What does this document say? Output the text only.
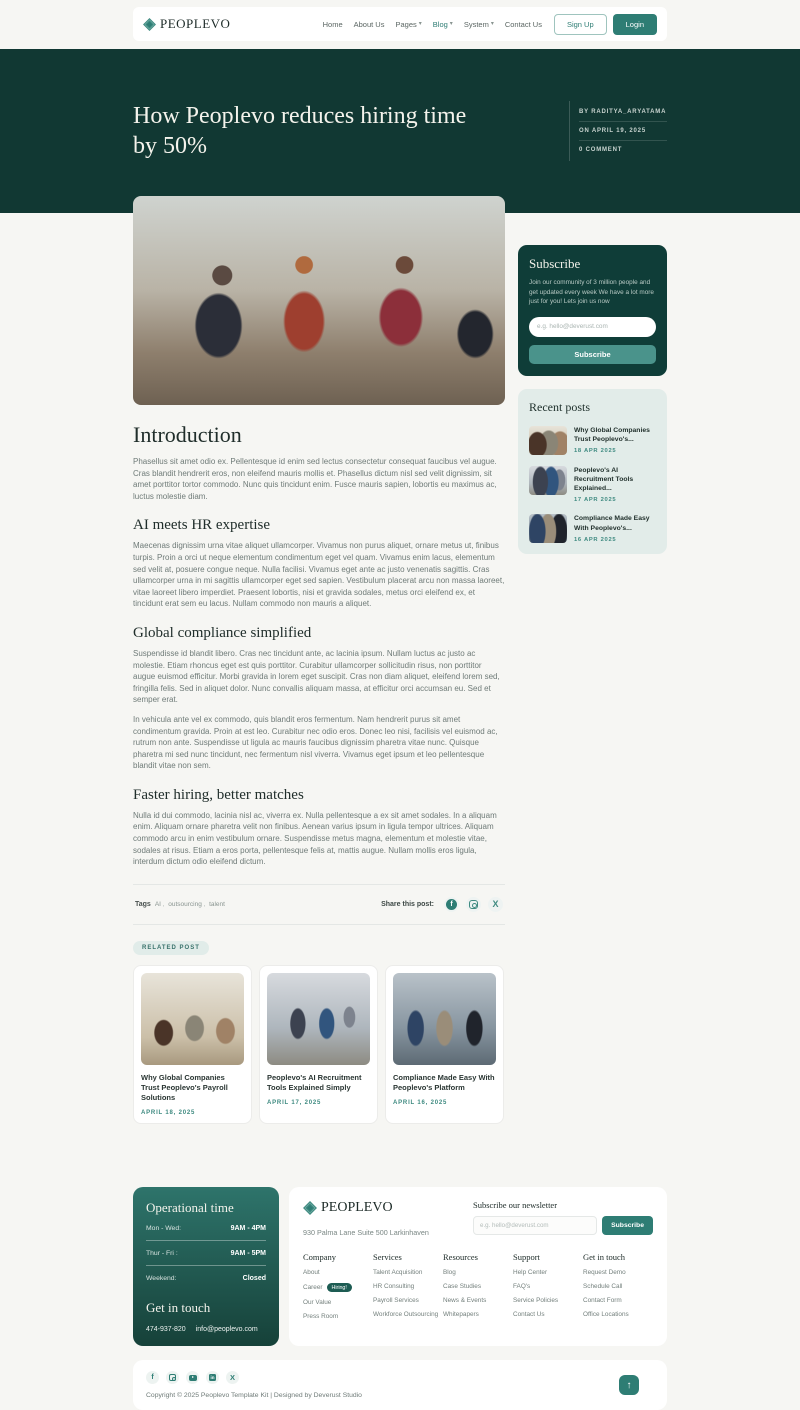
PEOPLEVO	Home About Us Pages ▾ Blog ▾ System ▾ Contact Us	Sign Up	Login
How Peoplevo reduces hiring time by 50%
BY RADITYA_ARYATAMA
ON APRIL 19, 2025
0 COMMENT
Introduction

Phasellus sit amet odio ex. Pellentesque id enim sed lectus consectetur consequat faucibus vel augue. Cras blandit hendrerit eros, non eleifend mauris mollis et. Phasellus dictum nisl sed velit dignissim, sit amet porttitor tortor commodo. Nunc quis tincidunt enim. Fusce mauris sapien, lobortis eu maximus ac, luctus molestie diam.

AI meets HR expertise

Maecenas dignissim urna vitae aliquet ullamcorper. Vivamus non purus aliquet, ornare metus ut, finibus turpis. Proin a orci ut neque elementum condimentum eget vel quam. Vivamus enim lacus, elementum sed velit at, posuere congue neque. Nulla facilisi. Vivamus eget ante ac justo venenatis sagittis. Cras ullamcorper urna in mi sagittis ullamcorper eget sed sapien. Vestibulum placerat arcu non massa laoreet, vitae laoreet libero imperdiet. Praesent lobortis, nisi et gravida sodales, metus orci eleifend ex, et tincidunt erat sem eu lacus. Nullam commodo non mauris a aliquet.

Global compliance simplified

Suspendisse id blandit libero. Cras nec tincidunt ante, ac lacinia ipsum. Nullam luctus ac justo ac molestie. Etiam rhoncus eget est quis porttitor. Curabitur ullamcorper sollicitudin risus, non porttitor augue euismod efficitur. Morbi gravida in lorem eget suscipit. Cras non diam aliquet, eleifend lorem sed, fringilla felis. Sed in aliquet dolor. Nunc convallis aliquam massa, at efficitur orci accumsan eu. Sed et semper erat.

In vehicula ante vel ex commodo, quis blandit eros fermentum. Nam hendrerit purus sit amet condimentum gravida. Proin at est leo. Curabitur nec odio eros. Donec leo nisi, facilisis vel euismod ac, rutrum non ante. Suspendisse ut ligula ac mauris faucibus dignissim pharetra vitae nunc. Quisque pharetra mi sed nunc tincidunt, nec fermentum nisl viverra. Vivamus eget ipsum et leo pellentesque blandit vitae non sem.

Faster hiring, better matches

Nulla id dui commodo, lacinia nisl ac, viverra ex. Nulla pellentesque a ex sit amet sodales. In a aliquam enim. Aliquam ornare pharetra velit non finibus. Aenean varius ipsum in ligula tempor ultrices. Aliquam commodo arcu in enim vestibulum ornare. Suspendisse metus magna, elementum et molestie vitae, sodales at risus. Etiam a eros porta, pellentesque felis at, mattis augue. Nullam mollis eros ligula, interdum dictum odio eleifend dictum.

Tags AI ,	outsourcing ,	talent	Share this post:	f	X
RELATED POST
Why Global Companies Trust Peoplevo's Payroll Solutions
APRIL 18, 2025
Peoplevo's AI Recruitment Tools Explained Simply
APRIL 17, 2025
Compliance Made Easy With Peoplevo's Platform
APRIL 16, 2025
Subscribe
Join our community of 3 million people and get updated every week We have a lot more just for you! Lets join us now
e.g. hello@deverust.com Subscribe
Recent posts
Why Global Companies Trust Peoplevo's...
18 APR 2025
Peoplevo's AI Recruitment Tools Explained...
17 APR 2025
Compliance Made Easy With Peoplevo's...
16 APR 2025
Operational time
Mon - Wed:	9AM - 4PM
Thur - Fri :	9AM - 5PM
Weekend:	Closed
Get in touch
474-937-820 info@peoplevo.com
PEOPLEVO
930 Palma Lane Suite 500 Larkinhaven
Subscribe our newsletter
e.g. hello@deverust.com
Subscribe
Company
About
Career	Hiring!
Our Value
Press Room
Services
Talent Acquisition
HR Consulting
Payroll Services
Workforce Outsourcing
Resources
Blog
Case Studies
News & Events
Whitepapers
Support
Help Center
FAQ's
Service Policies
Contact Us
Get in touch
Request Demo
Schedule Call
Contact Form
Office Locations
f	in X
Copyright © 2025 Peoplevo Template Kit | Designed by Deverust Studio
↑
